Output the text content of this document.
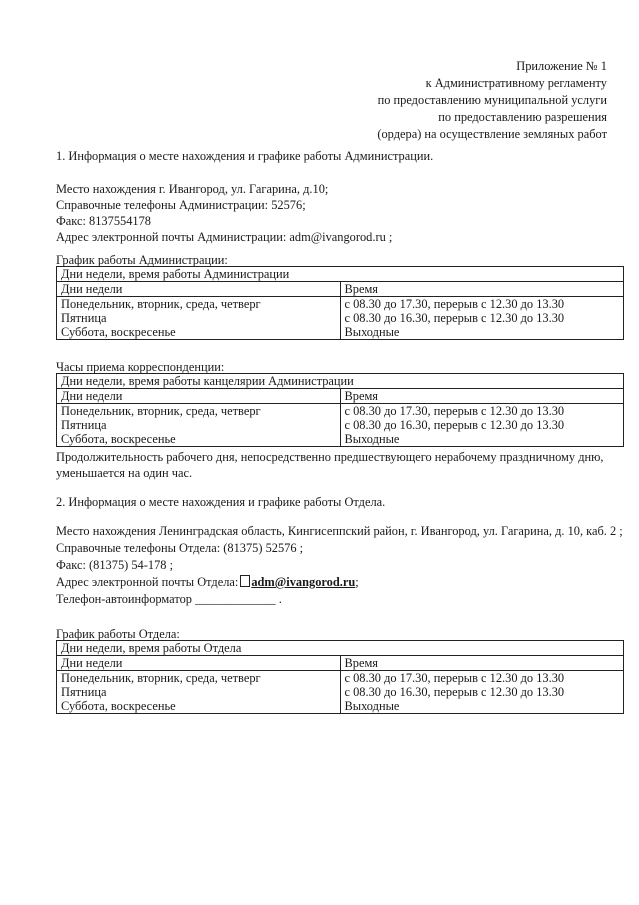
Приложение № 1
к Административному регламенту
по предоставлению муниципальной услуги
по предоставлению разрешения
(ордера) на осуществление земляных работ
1. Информация о месте нахождения и графике работы Администрации.
Место нахождения г. Ивангород, ул. Гагарина, д.10;
Справочные телефоны Администрации: 52576;
Факс: 8137554178
Адрес электронной почты Администрации: adm@ivangorod.ru ;
График работы Администрации:
Дни недели, время работы Администрации	
Дни недели	Время
Понедельник, вторник, среда, четверг	с 08.30 до 17.30, перерыв с 12.30 до 13.30
Пятница	с 08.30 до 16.30, перерыв с 12.30 до 13.30
Суббота, воскресенье	Выходные
Часы приема корреспонденции:
Дни недели, время работы канцелярии Администрации	
Дни недели	Время
Понедельник, вторник, среда, четверг	с 08.30 до 17.30, перерыв с 12.30 до 13.30
Пятница	с 08.30 до 16.30, перерыв с 12.30 до 13.30
Суббота, воскресенье	Выходные
Продолжительность рабочего дня, непосредственно предшествующего нерабочему праздничному дню, уменьшается на один час.
2. Информация о месте нахождения и графике работы Отдела.
Место нахождения Ленинградская область, Кингисеппский район, г. Ивангород, ул. Гагарина, д. 10, каб. 2 ;
Справочные телефоны Отдела: (81375) 52576 ;
Факс: (81375) 54-178 ;
Адрес электронной почты Отдела: adm@ivangorod.ru;
Телефон-автоинформатор _____________ .
График работы Отдела:
Дни недели, время работы Отдела	
Дни недели	Время
Понедельник, вторник, среда, четверг	с 08.30 до 17.30, перерыв с 12.30 до 13.30
Пятница	с 08.30 до 16.30, перерыв с 12.30 до 13.30
Суббота, воскресенье	Выходные
